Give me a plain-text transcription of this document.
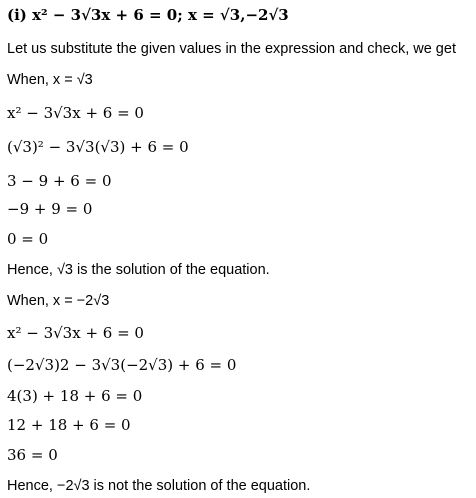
(i) x² − 3√3x + 6 = 0; x = √3,−2√3
Let us substitute the given values in the expression and check, we get
When, x = √3
x² − 3√3x + 6 = 0
(√3)² − 3√3(√3) + 6 = 0
3 − 9 + 6 = 0
−9 + 9 = 0
0 = 0
Hence, √3 is the solution of the equation.
When, x = −2√3
x² − 3√3x + 6 = 0
(−2√3)2 − 3√3(−2√3) + 6 = 0
4(3) + 18 + 6 = 0
12 + 18 + 6 = 0
36 = 0
Hence, −2√3 is not the solution of the equation.
